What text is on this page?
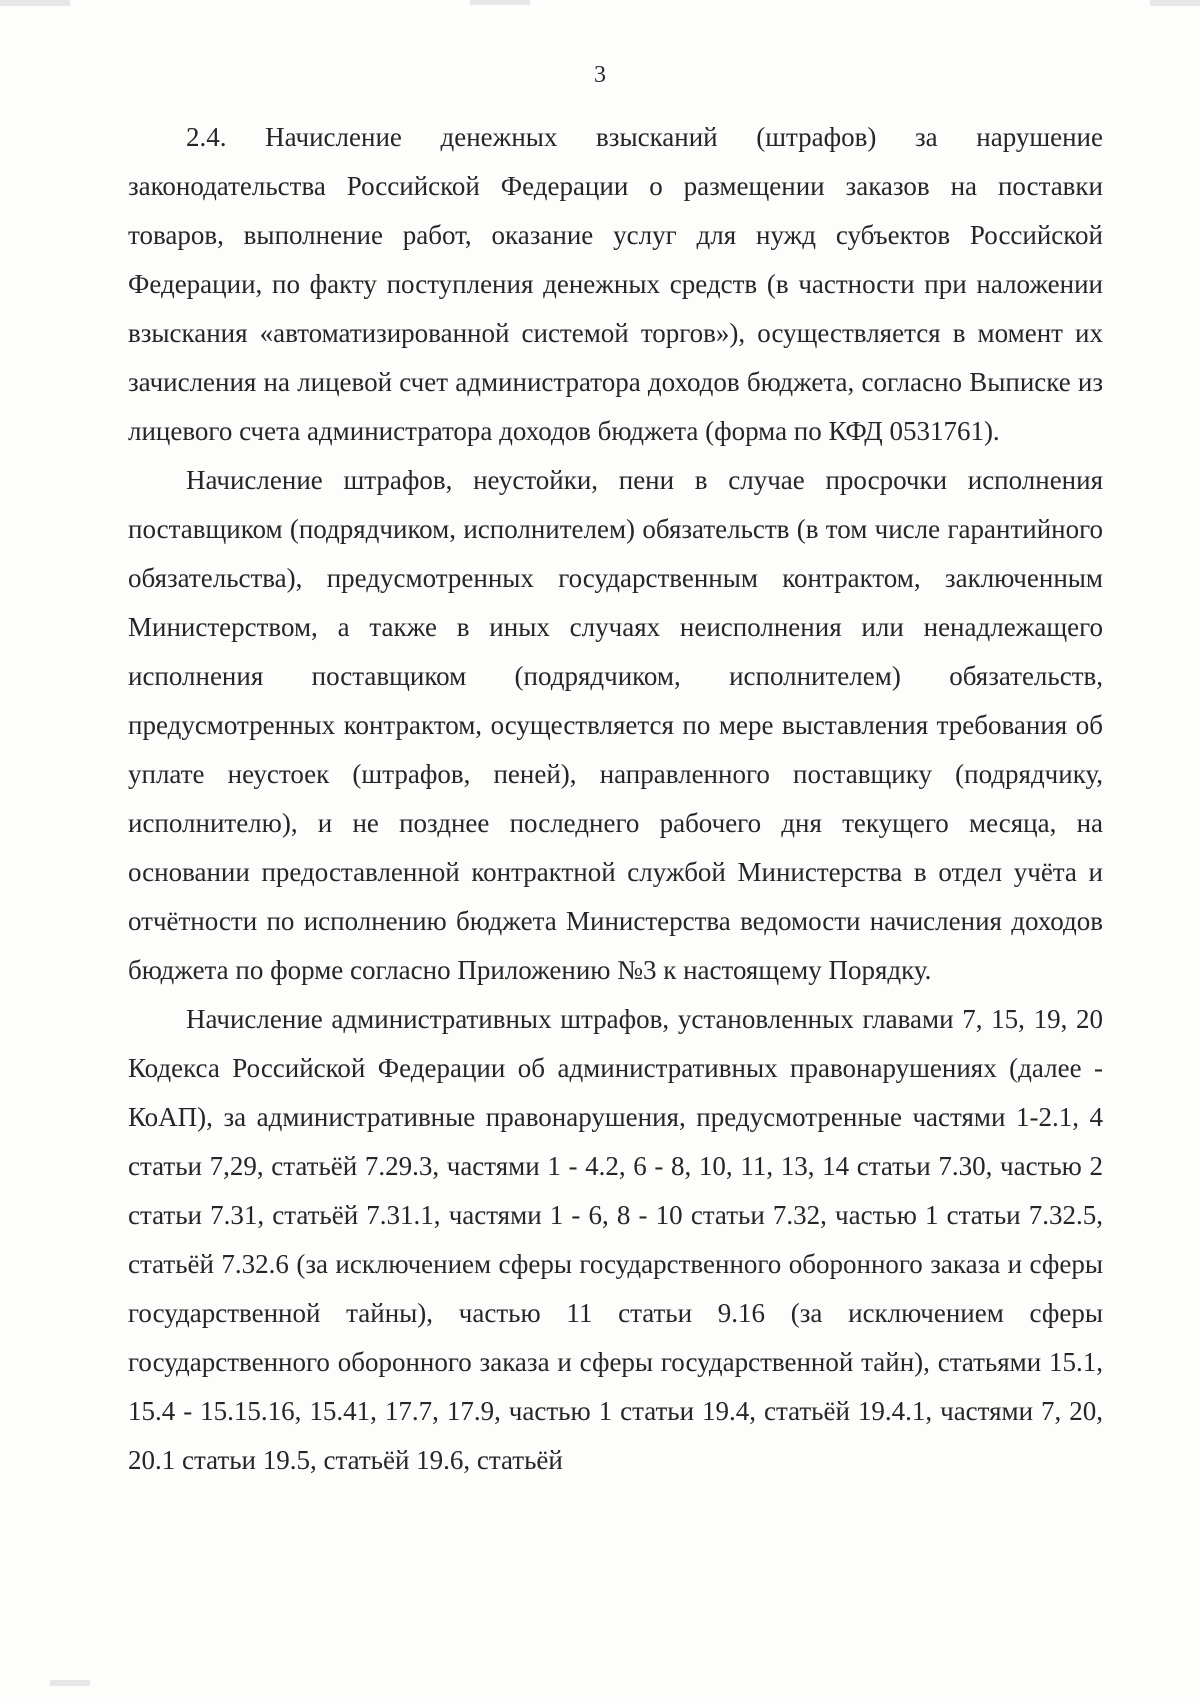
3

2.4. Начисление денежных взысканий (штрафов) за нарушение законодательства Российской Федерации о размещении заказов на поставки товаров, выполнение работ, оказание услуг для нужд субъектов Российской Федерации, по факту поступления денежных средств (в частности при наложении взыскания «автоматизированной системой торгов»), осуществляется в момент их зачисления на лицевой счет администратора доходов бюджета, согласно Выписке из лицевого счета администратора доходов бюджета (форма по КФД 0531761).

Начисление штрафов, неустойки, пени в случае просрочки исполнения поставщиком (подрядчиком, исполнителем) обязательств (в том числе гарантийного обязательства), предусмотренных государственным контрактом, заключенным Министерством, а также в иных случаях неисполнения или ненадлежащего исполнения поставщиком (подрядчиком, исполнителем) обязательств, предусмотренных контрактом, осуществляется по мере выставления требования об уплате неустоек (штрафов, пеней), направленного поставщику (подрядчику, исполнителю), и не позднее последнего рабочего дня текущего месяца, на основании предоставленной контрактной службой Министерства в отдел учёта и отчётности по исполнению бюджета Министерства ведомости начисления доходов бюджета по форме согласно Приложению №3 к настоящему Порядку.

Начисление административных штрафов, установленных главами 7, 15, 19, 20 Кодекса Российской Федерации об административных правонарушениях (далее - КоАП), за административные правонарушения, предусмотренные частями 1-2.1, 4 статьи 7,29, статьёй 7.29.3, частями 1 - 4.2, 6 - 8, 10, 11, 13, 14 статьи 7.30, частью 2 статьи 7.31, статьёй 7.31.1, частями 1 - 6, 8 - 10 статьи 7.32, частью 1 статьи 7.32.5, статьёй 7.32.6 (за исключением сферы государственного оборонного заказа и сферы государственной тайны), частью 11 статьи 9.16 (за исключением сферы государственного оборонного заказа и сферы государственной тайн), статьями 15.1, 15.4 - 15.15.16, 15.41, 17.7, 17.9, частью 1 статьи 19.4, статьёй 19.4.1, частями 7, 20, 20.1 статьи 19.5, статьёй 19.6, статьёй
